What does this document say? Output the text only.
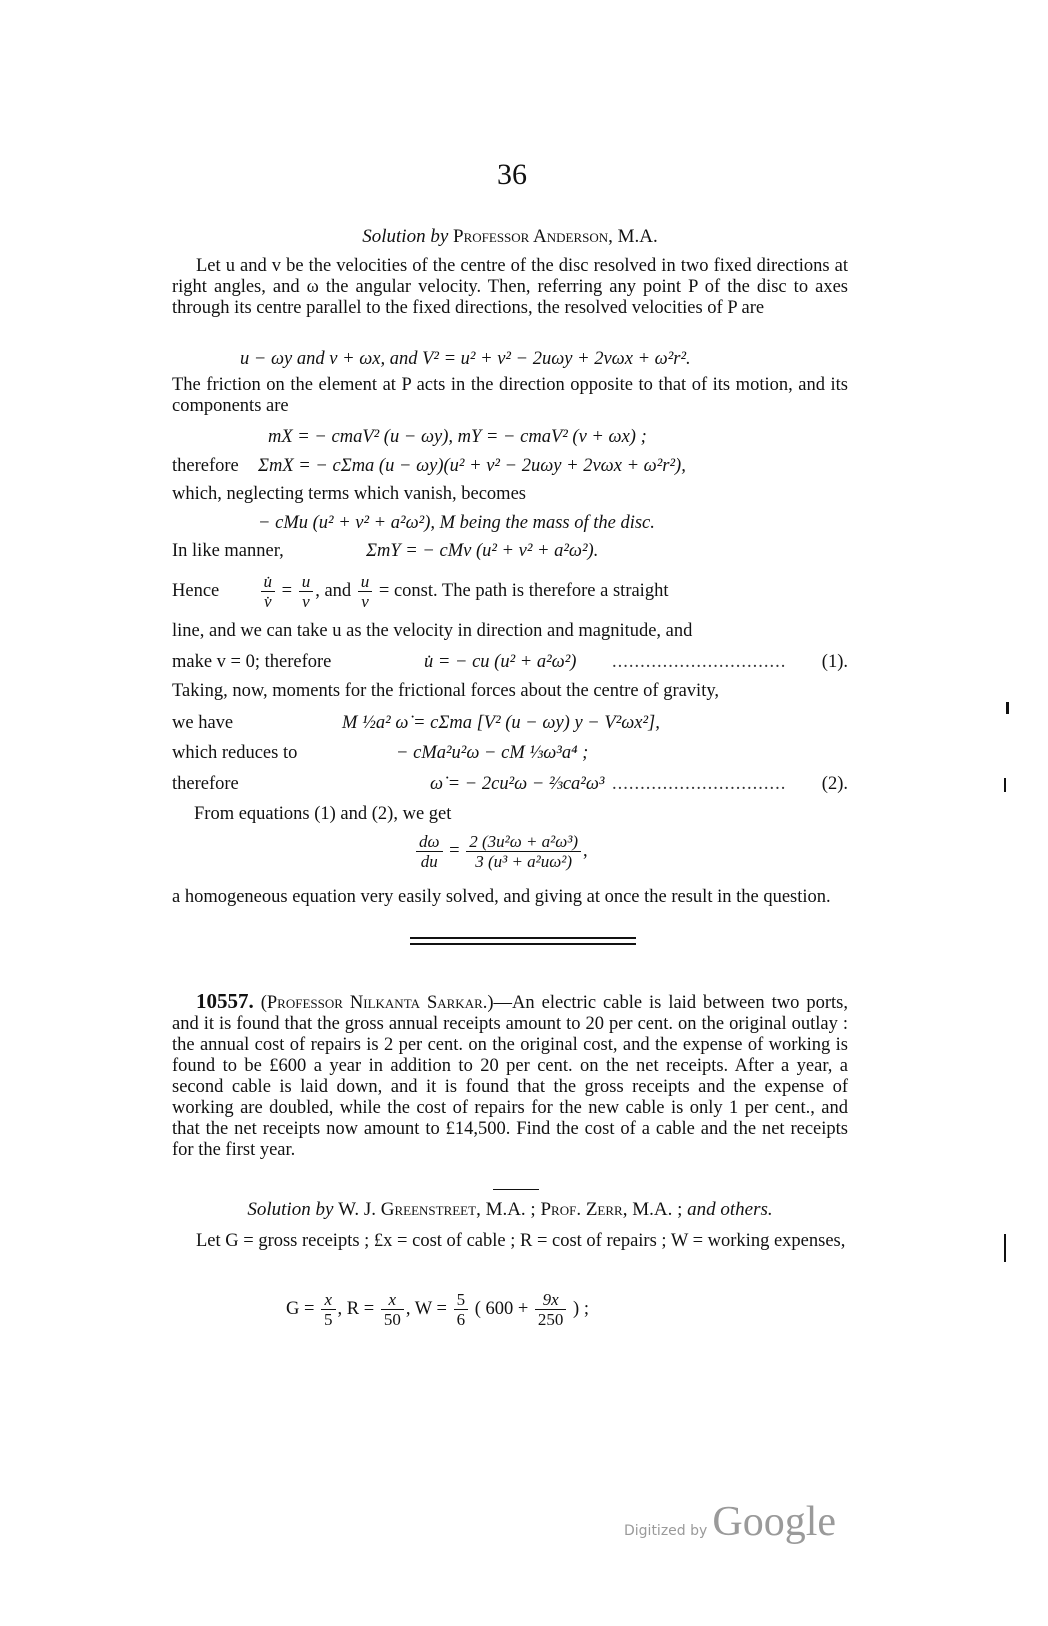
36
Solution by Professor Anderson, M.A.
Let u and v be the velocities of the centre of the disc resolved in two fixed directions at right angles, and ω the angular velocity. Then, referring any point P of the disc to axes through its centre parallel to the fixed directions, the resolved velocities of P are
u − ωy and v + ωx, and V² = u² + v² − 2uωy + 2vωx + ω²r².
The friction on the element at P acts in the direction opposite to that of its motion, and its components are
mX = − cmaV² (u − ωy), mY = − cmaV² (v + ωx) ;
therefore ΣmX = − cΣma (u − ωy)(u² + v² − 2uωy + 2vωx + ω²r²),
which, neglecting terms which vanish, becomes
− cMu (u² + v² + a²ω²), M being the mass of the disc.
In like manner,	ΣmY = − cMv (u² + v² + a²ω²).
Hence $\frac{u̇}{v̇} = \frac{u}{v}$ , and $\frac{u}{v}$ = const. The path is therefore a straight
line, and we can take u as the velocity in direction and magnitude, and
make v = 0; therefore	u̇ = − cu (u² + a²ω²) ............................... (1).
Taking, now, moments for the frictional forces about the centre of gravity,
we have	M ½a² ω̇ = cΣma [V² (u − ωy) y − V²ωx²],
which reduces to	− cMa²u²ω − cM ⅓ω³a⁴ ;
therefore	ω̇ = − 2cu²ω − ⅔ca²ω³ ............................... (2).
From equations (1) and (2), we get
$\frac{d\omega}{du} = \frac{\text{2 (3u²ω + a²ω³)}}{\text{3 (u³ + a²uω²)}}$ ,
a homogeneous equation very easily solved, and giving at once the result in the question.
10557. (Professor Nilkanta Sarkar.)—An electric cable is laid between two ports, and it is found that the gross annual receipts amount to 20 per cent. on the original outlay : the annual cost of repairs is 2 per cent. on the original cost, and the expense of working is found to be £600 a year in addition to 20 per cent. on the net receipts. After a year, a second cable is laid down, and it is found that the gross receipts and the expense of working are doubled, while the cost of repairs for the new cable is only 1 per cent., and that the net receipts now amount to £14,500. Find the cost of a cable and the net receipts for the first year.
Solution by W. J. Greenstreet, M.A. ; Prof. Zerr, M.A. ; and others.
Let G = gross receipts ; £x = cost of cable ; R = cost of repairs ; W = working expenses,
$G = \frac{x}{5}$ , $R = \frac{x}{50}$ , $W = \frac{5}{6}$ ( $600 + \frac{9x}{250}$ ) ;
Digitized by Google
